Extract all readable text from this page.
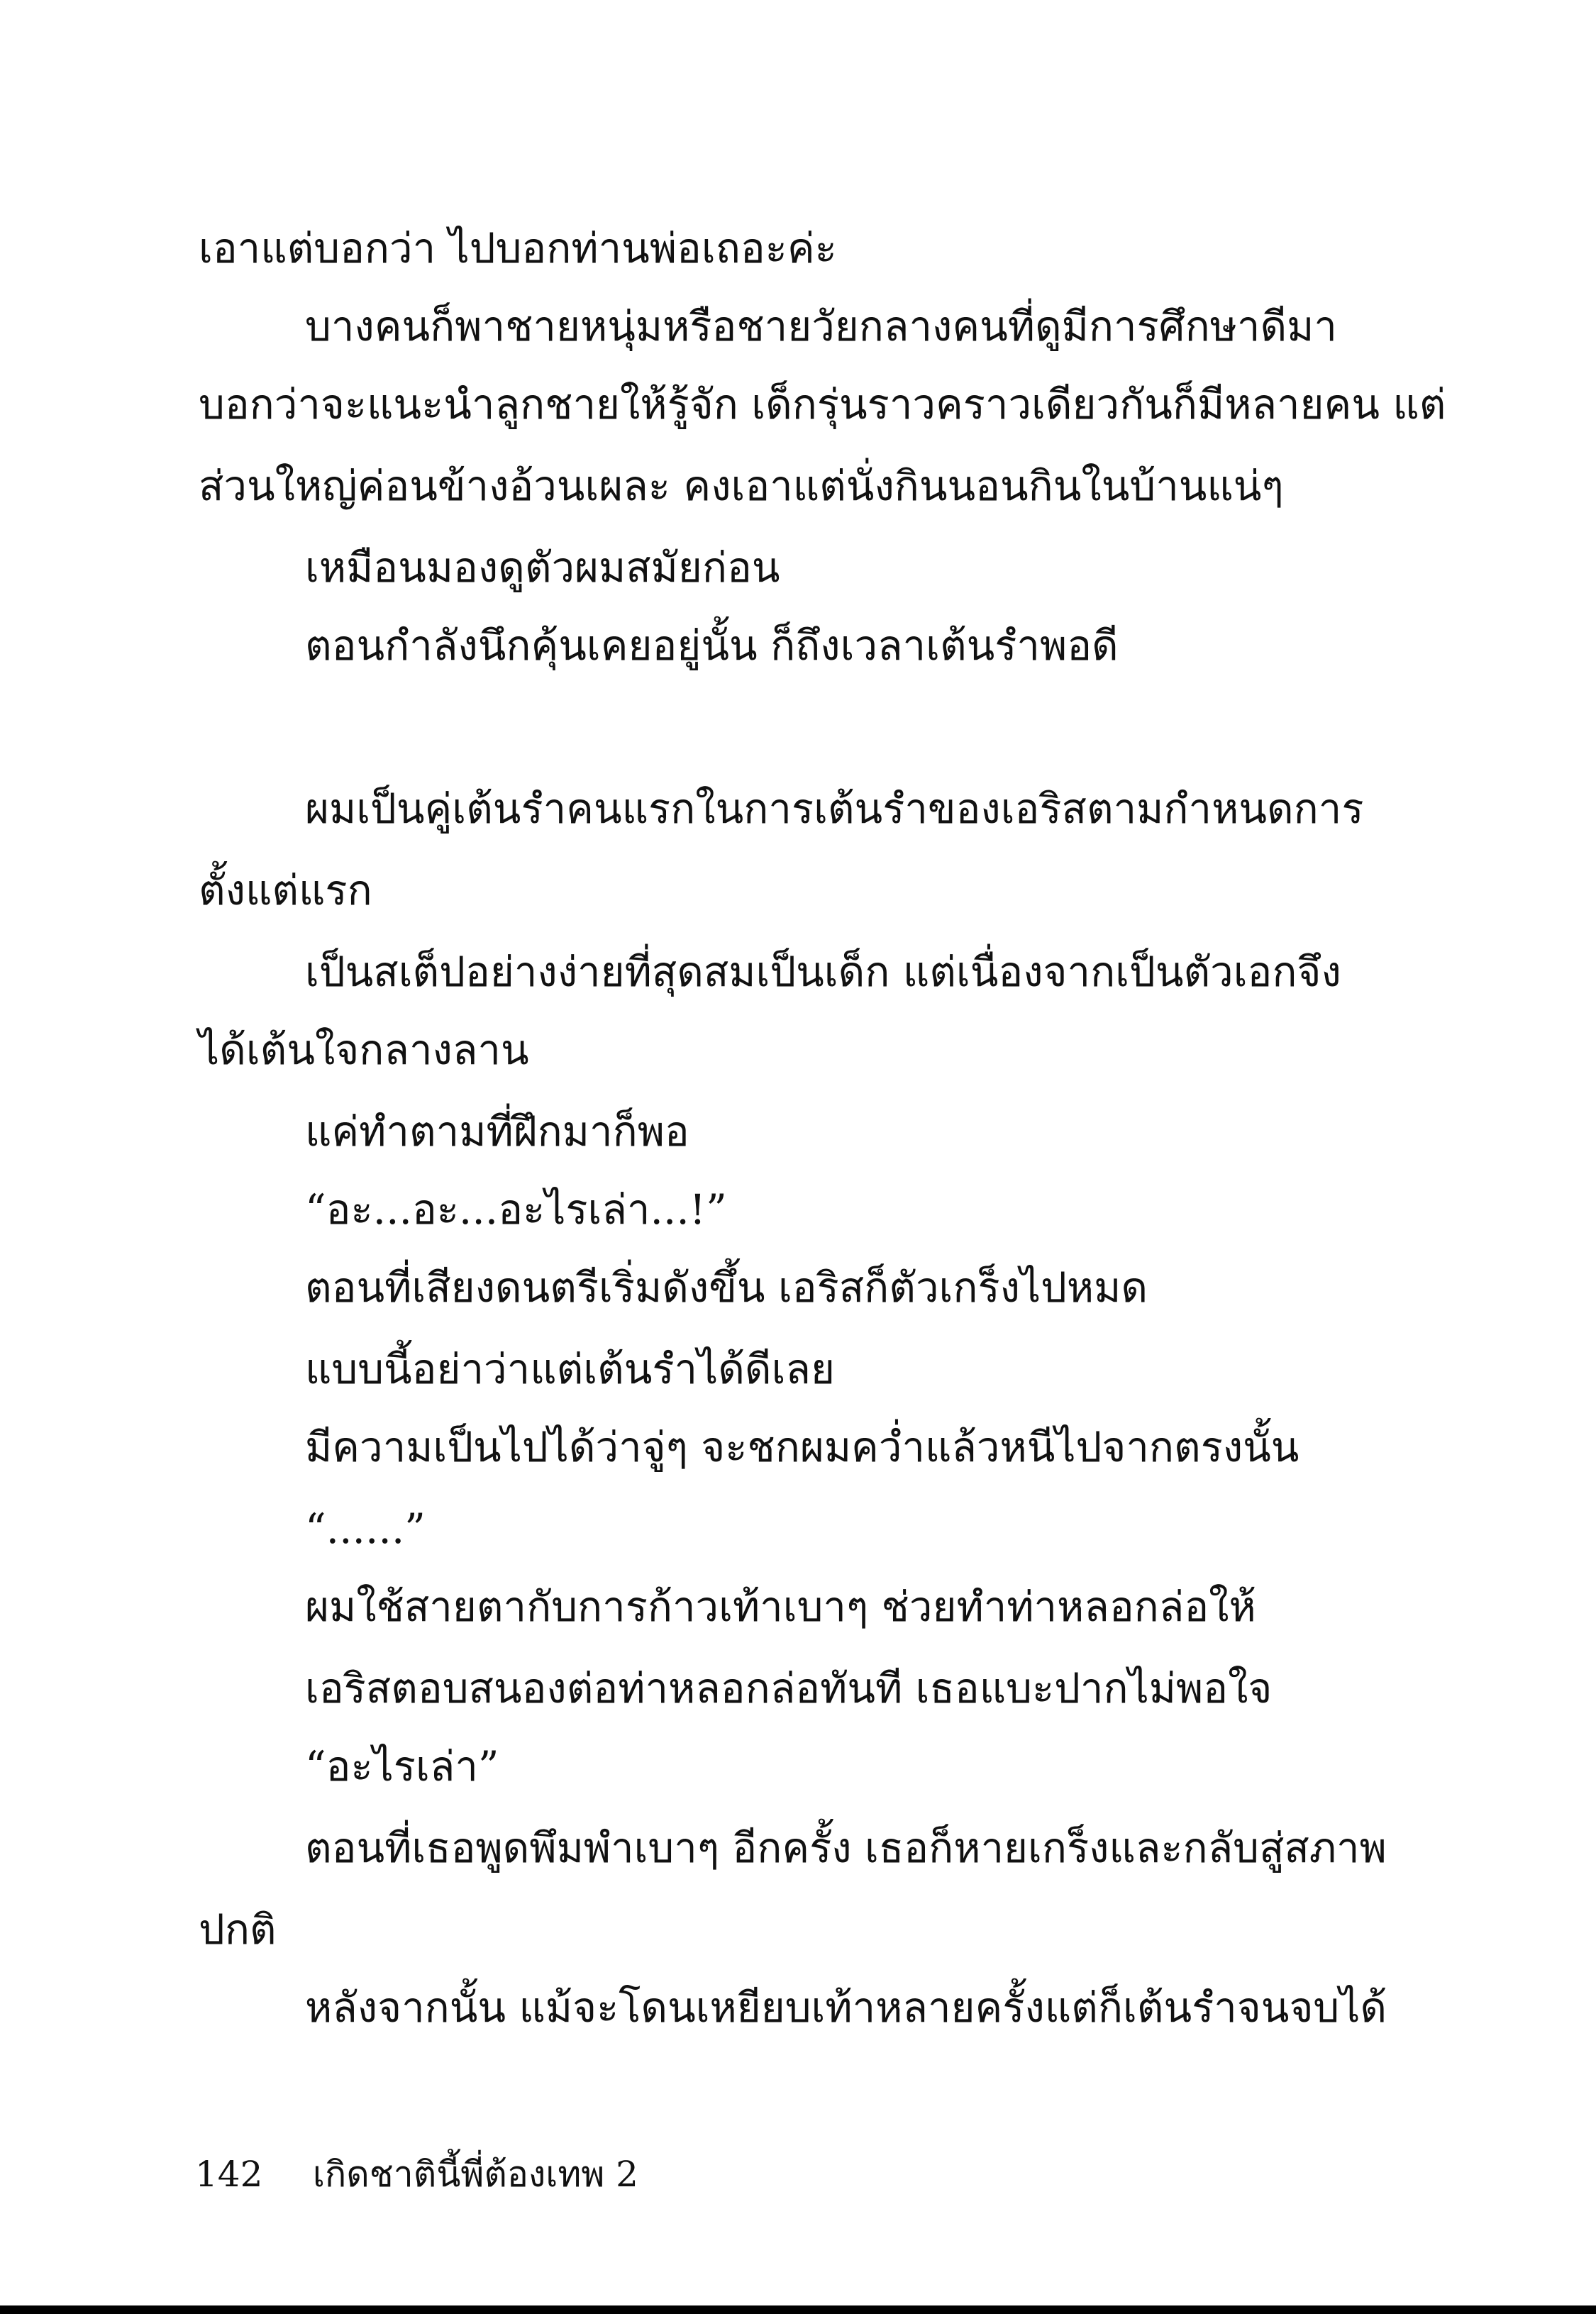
เอาแต่บอกว่า ไปบอกท่านพ่อเถอะค่ะ
บางคนก็พาชายหนุ่มหรือชายวัยกลางคนที่ดูมีการศึกษาดีมา
บอกว่าจะแนะนำลูกชายให้รู้จัก เด็กรุ่นราวคราวเดียวกันก็มีหลายคน แต่
ส่วนใหญ่ค่อนข้างอ้วนเผละ คงเอาแต่นั่งกินนอนกินในบ้านแน่ๆ
เหมือนมองดูตัวผมสมัยก่อน
ตอนกำลังนึกคุ้นเคยอยู่นั้น ก็ถึงเวลาเต้นรำพอดี
ผมเป็นคู่เต้นรำคนแรกในการเต้นรำของเอริสตามกำหนดการ
ตั้งแต่แรก
เป็นสเต็ปอย่างง่ายที่สุดสมเป็นเด็ก แต่เนื่องจากเป็นตัวเอกจึง
ได้เต้นใจกลางลาน
แค่ทำตามที่ฝึกมาก็พอ
“อะ...อะ...อะไรเล่า...!”
ตอนที่เสียงดนตรีเริ่มดังขึ้น เอริสก็ตัวเกร็งไปหมด
แบบนี้อย่าว่าแต่เต้นรำได้ดีเลย
มีความเป็นไปได้ว่าจู่ๆ จะชกผมคว่ำแล้วหนีไปจากตรงนั้น
“......”
ผมใช้สายตากับการก้าวเท้าเบาๆ ช่วยทำท่าหลอกล่อให้
เอริสตอบสนองต่อท่าหลอกล่อทันที เธอแบะปากไม่พอใจ
“อะไรเล่า”
ตอนที่เธอพูดพึมพำเบาๆ อีกครั้ง เธอก็หายเกร็งและกลับสู่สภาพ
ปกติ
หลังจากนั้น แม้จะโดนเหยียบเท้าหลายครั้งแต่ก็เต้นรำจนจบได้
142 เกิดชาตินี้พี่ต้องเทพ 2
